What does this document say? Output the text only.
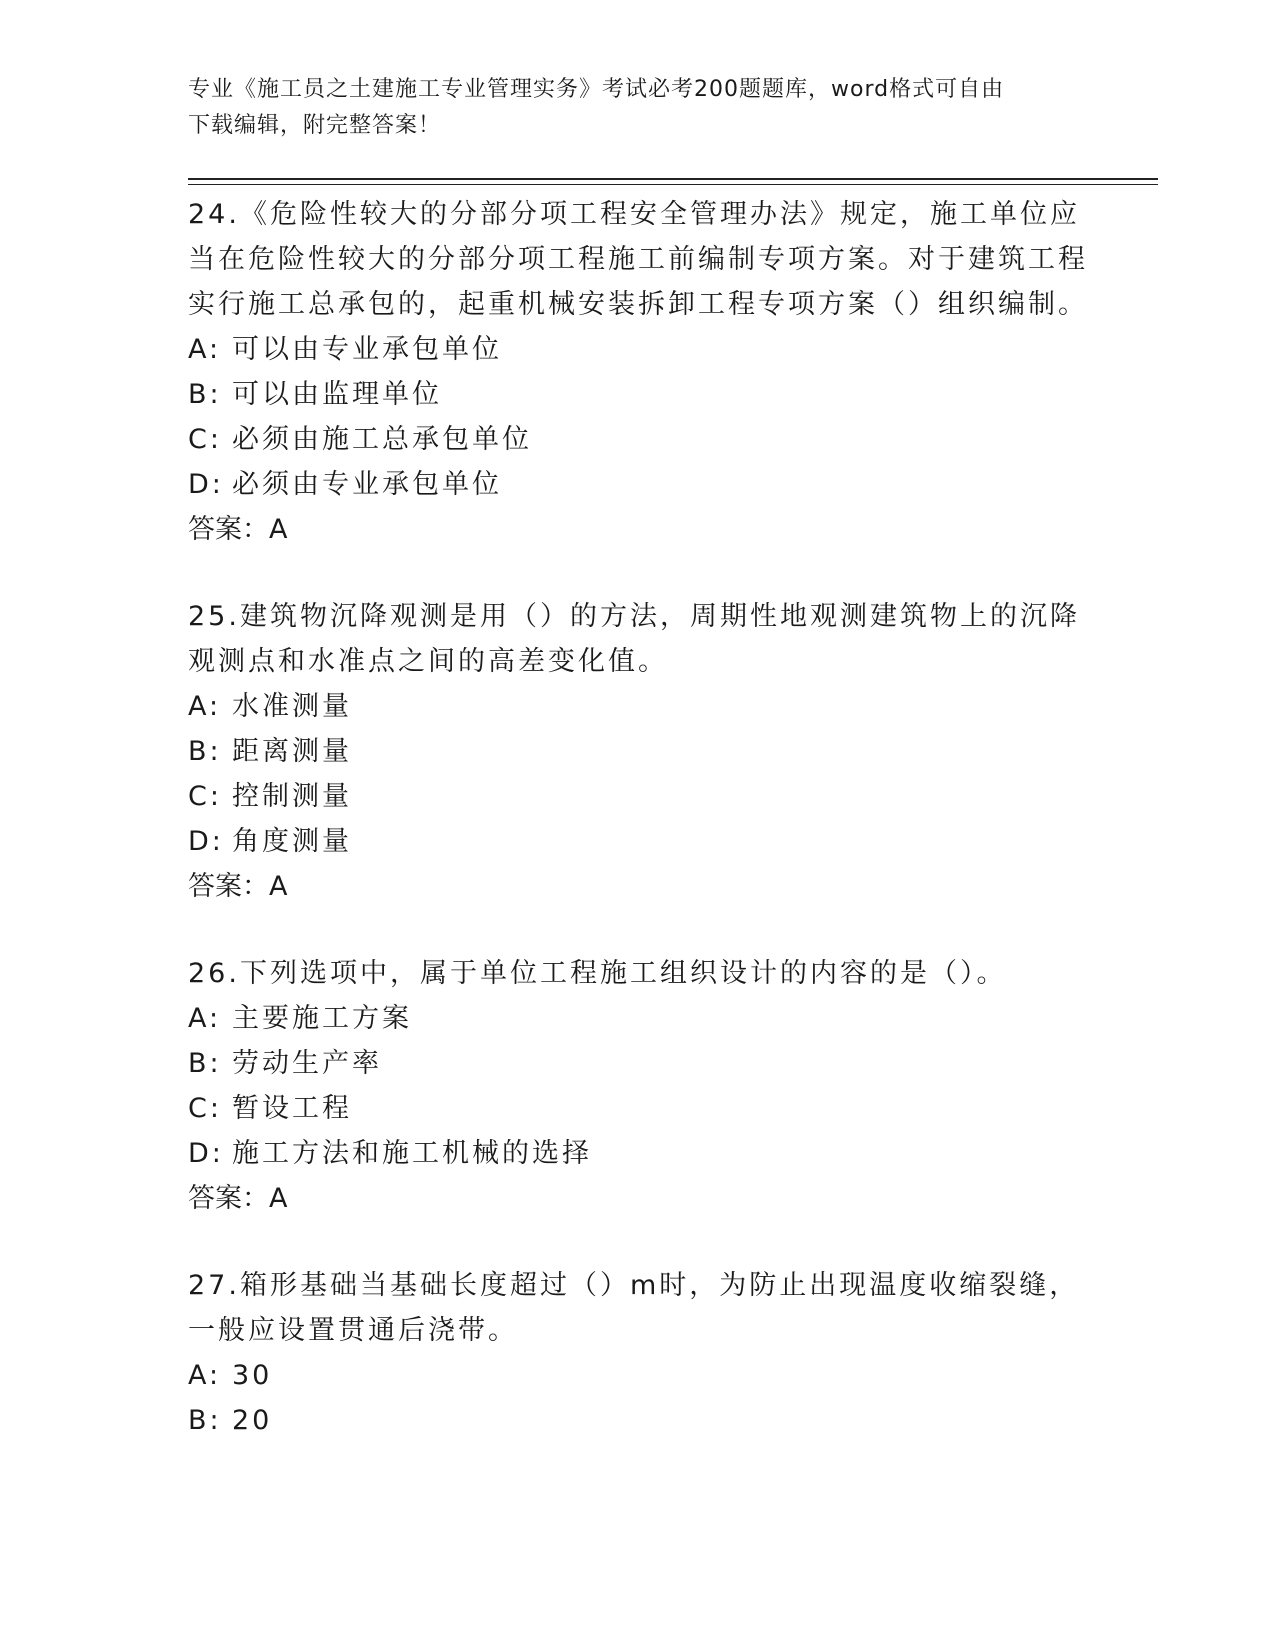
专业《施工员之土建施工专业管理实务》考试必考200题题库，word格式可自由
下载编辑，附完整答案！

24.《危险性较大的分部分项工程安全管理办法》规定，施工单位应当在危险性较大的分部分项工程施工前编制专项方案。对于建筑工程实行施工总承包的，起重机械安装拆卸工程专项方案（）组织编制。

A: 可以由专业承包单位

B: 可以由监理单位

C: 必须由施工总承包单位

D: 必须由专业承包单位

答案：A

25.建筑物沉降观测是用（）的方法，周期性地观测建筑物上的沉降观测点和水准点之间的高差变化值。

A: 水准测量

B: 距离测量

C: 控制测量

D: 角度测量

答案：A

26.下列选项中，属于单位工程施工组织设计的内容的是（）。

A: 主要施工方案

B: 劳动生产率

C: 暂设工程

D: 施工方法和施工机械的选择

答案：A

27.箱形基础当基础长度超过（）m时，为防止出现温度收缩裂缝，一般应设置贯通后浇带。

A: 30

B: 20
